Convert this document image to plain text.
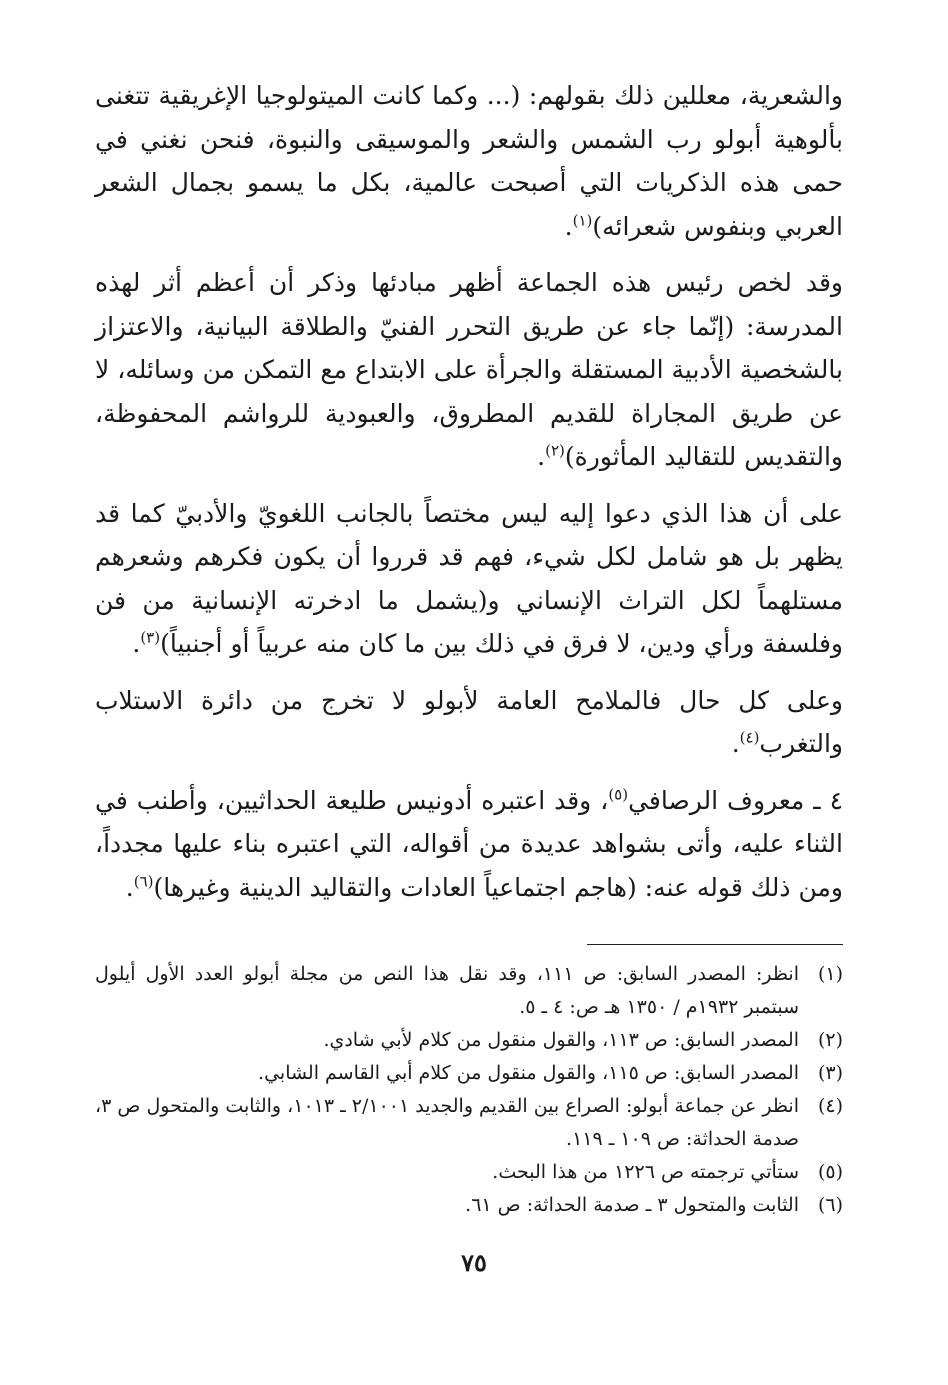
والشعرية، معللين ذلك بقولهم: (... وكما كانت الميتولوجيا الإغريقية تتغنى بألوهية أبولو رب الشمس والشعر والموسيقى والنبوة، فنحن نغني في حمى هذه الذكريات التي أصبحت عالمية، بكل ما يسمو بجمال الشعر العربي وبنفوس شعرائه)$^{(١)}$.

وقد لخص رئيس هذه الجماعة أظهر مبادئها وذكر أن أعظم أثر لهذه المدرسة: (إنّما جاء عن طريق التحرر الفنيّ والطلاقة البيانية، والاعتزاز بالشخصية الأدبية المستقلة والجرأة على الابتداع مع التمكن من وسائله، لا عن طريق المجاراة للقديم المطروق، والعبودية للرواشم المحفوظة، والتقديس للتقاليد المأثورة)$^{(٢)}$.

على أن هذا الذي دعوا إليه ليس مختصاً بالجانب اللغويّ والأدبيّ كما قد يظهر بل هو شامل لكل شيء، فهم قد قرروا أن يكون فكرهم وشعرهم مستلهماً لكل التراث الإنساني و(يشمل ما ادخرته الإنسانية من فن وفلسفة ورأي ودين، لا فرق في ذلك بين ما كان منه عربياً أو أجنبياً)$^{(٣)}$.

وعلى كل حال فالملامح العامة لأبولو لا تخرج من دائرة الاستلاب والتغرب$^{(٤)}$.

٤ ـ معروف الرصافي$^{(٥)}$، وقد اعتبره أدونيس طليعة الحداثيين، وأطنب في الثناء عليه، وأتى بشواهد عديدة من أقواله، التي اعتبره بناء عليها مجدداً، ومن ذلك قوله عنه: (هاجم اجتماعياً العادات والتقاليد الدينية وغيرها)$^{(٦)}$.

(١)
انظر: المصدر السابق: ص ١١١، وقد نقل هذا النص من مجلة أبولو العدد الأول أيلول سبتمبر ١٩٣٢م / ١٣٥٠ هـ ص: ٤ ـ ٥.
(٢)
المصدر السابق: ص ١١٣، والقول منقول من كلام لأبي شادي.
(٣)
المصدر السابق: ص ١١٥، والقول منقول من كلام أبي القاسم الشابي.
(٤)
انظر عن جماعة أبولو: الصراع بين القديم والجديد ٢/١٠٠١ ـ ١٠١٣، والثابت والمتحول ص ٣، صدمة الحداثة: ص ١٠٩ ـ ١١٩.
(٥)
ستأتي ترجمته ص ١٢٢٦ من هذا البحث.
(٦)
الثابت والمتحول ٣ ـ صدمة الحداثة: ص ٦١.
٧٥
